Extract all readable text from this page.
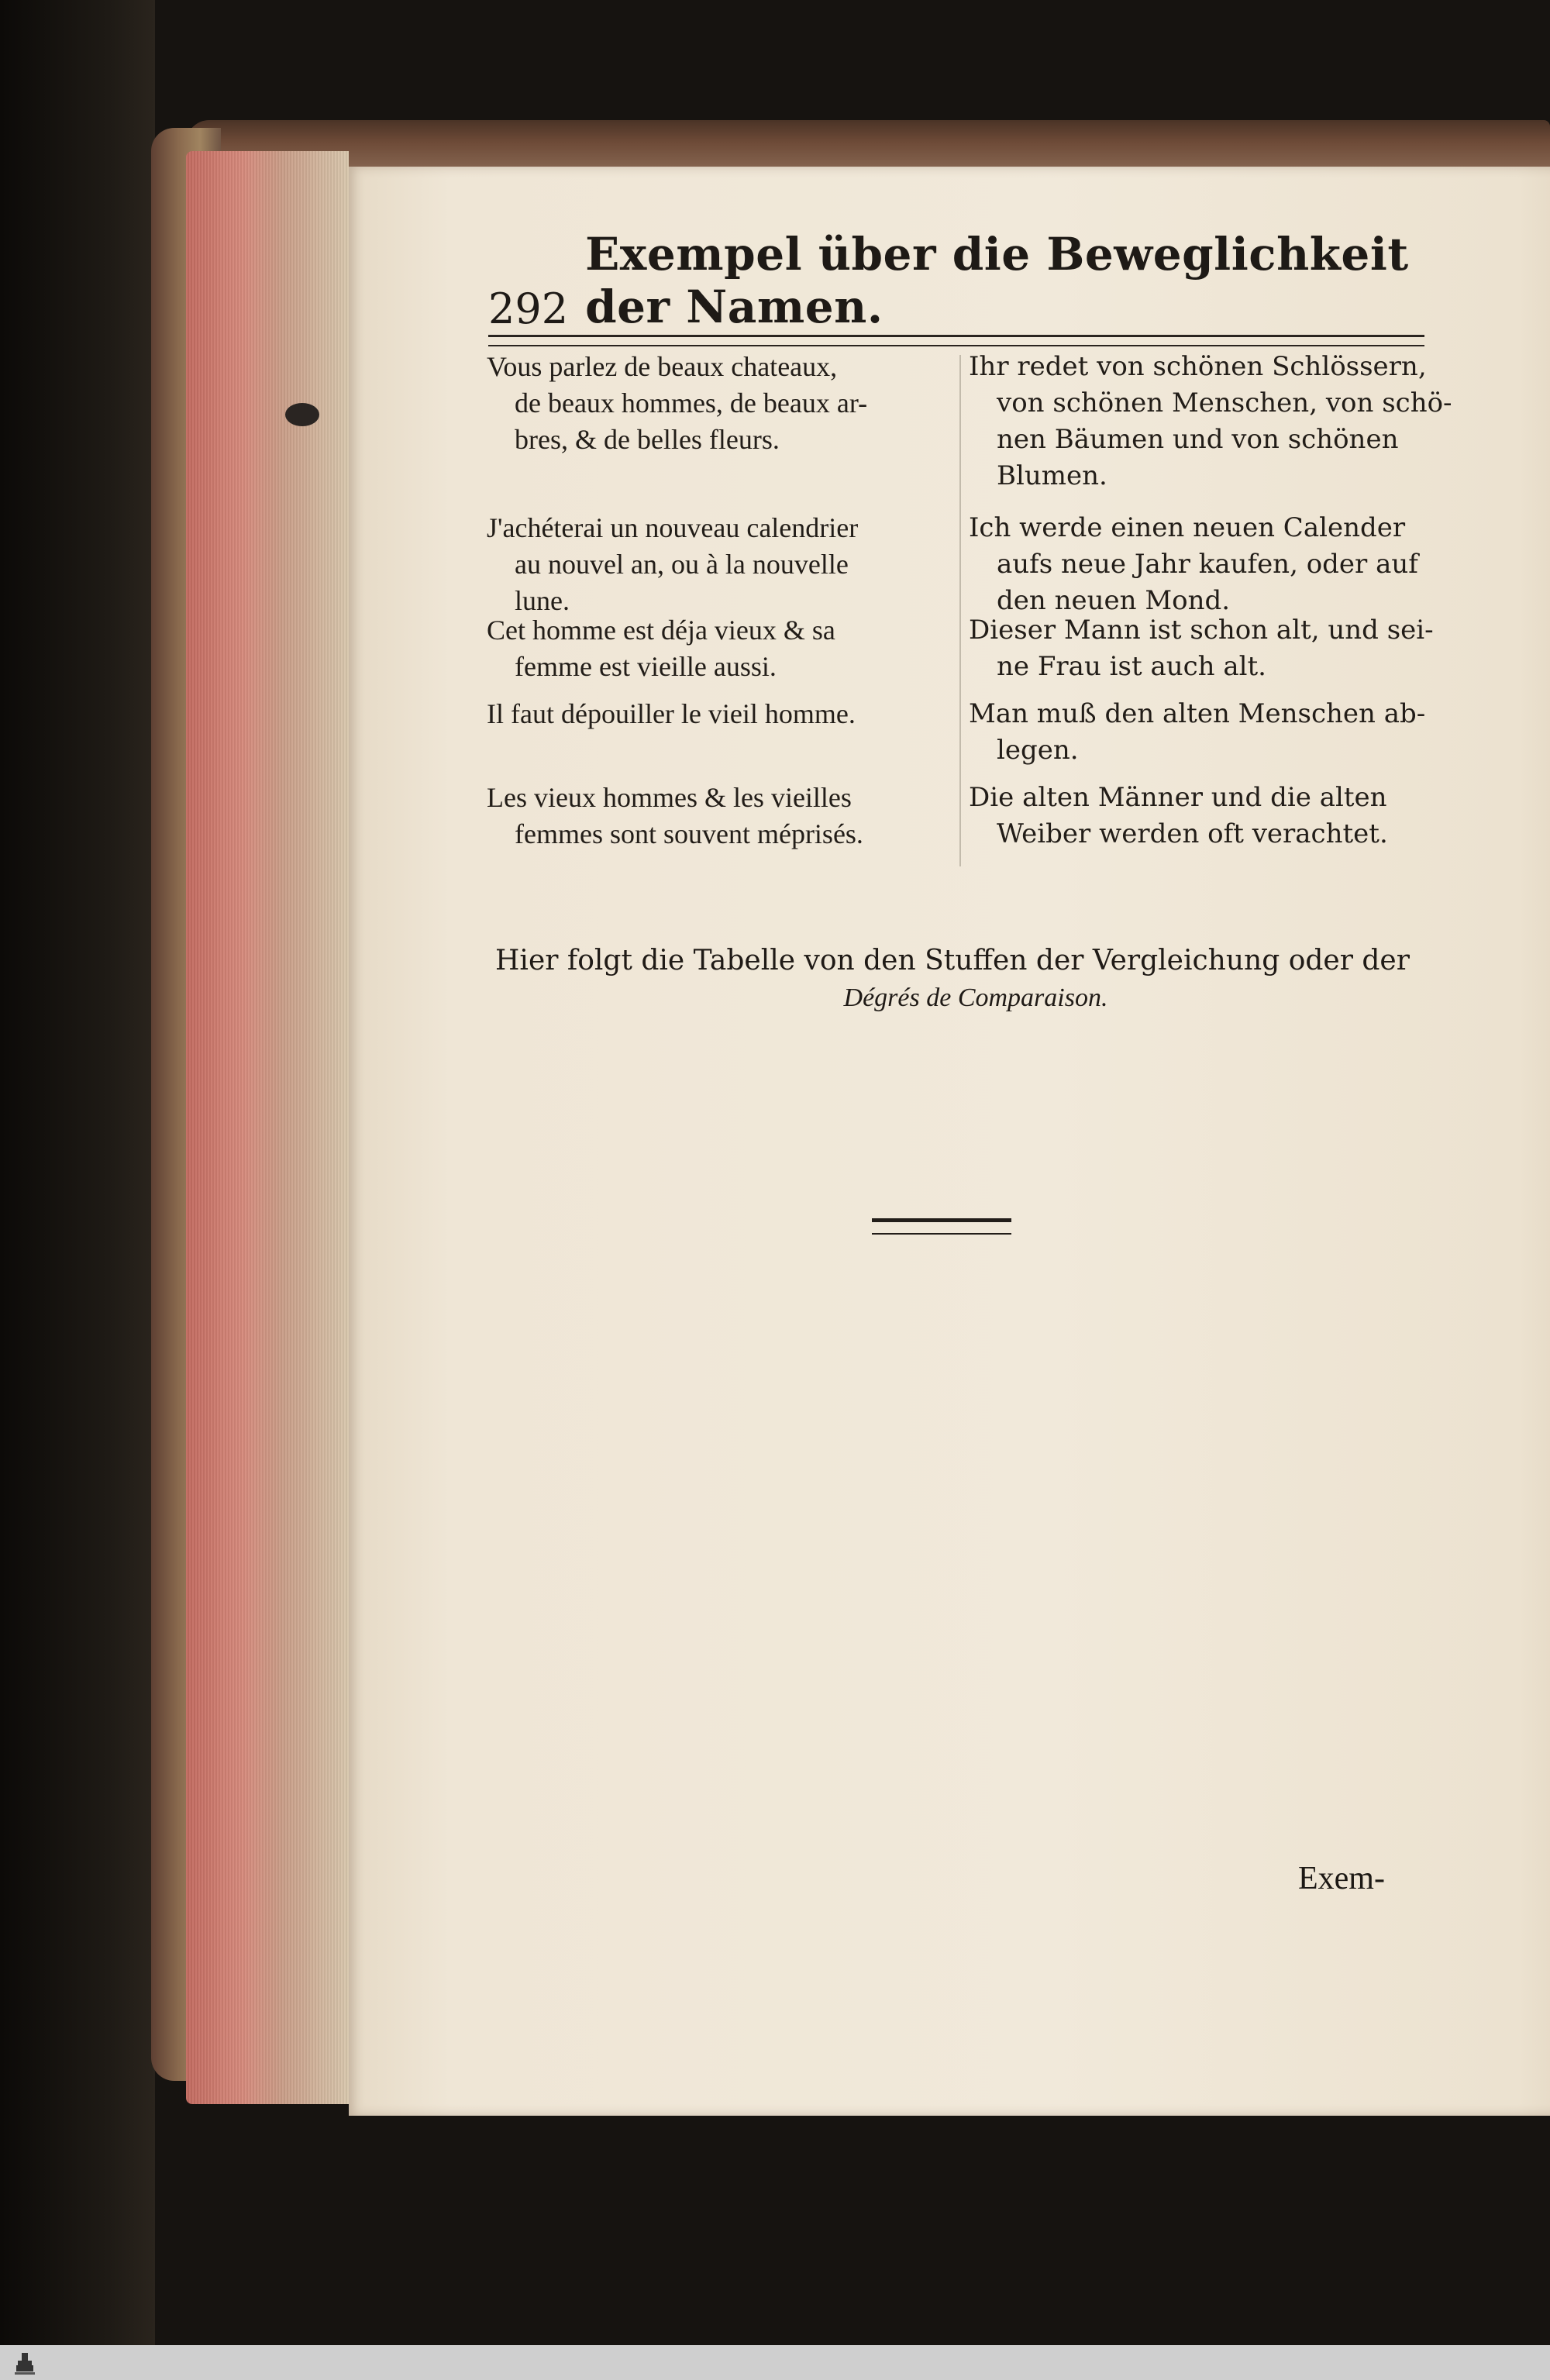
292
Exempel über die Beweglichkeit der Namen.
Vous parlez de beaux chateaux,
de beaux hommes, de beaux ar-
bres, & de belles fleurs.
Ihr redet von schönen Schlössern,
von schönen Menschen, von schö-
nen Bäumen und von schönen
Blumen.
J'achéterai un nouveau calendrier
au nouvel an, ou à la nouvelle
lune.
Ich werde einen neuen Calender
aufs neue Jahr kaufen, oder auf
den neuen Mond.
Cet homme est déja vieux & sa
femme est vieille aussi.
Dieser Mann ist schon alt, und sei-
ne Frau ist auch alt.
Il faut dépouiller le vieil homme.	Man muß den alten Menschen ab-
legen.
Les vieux hommes & les vieilles
femmes sont souvent méprisés.
Die alten Männer und die alten
Weiber werden oft verachtet.
Hier folgt die Tabelle von den Stuffen der Vergleichung oder der
Dégrés de Comparaison.
Exem-
